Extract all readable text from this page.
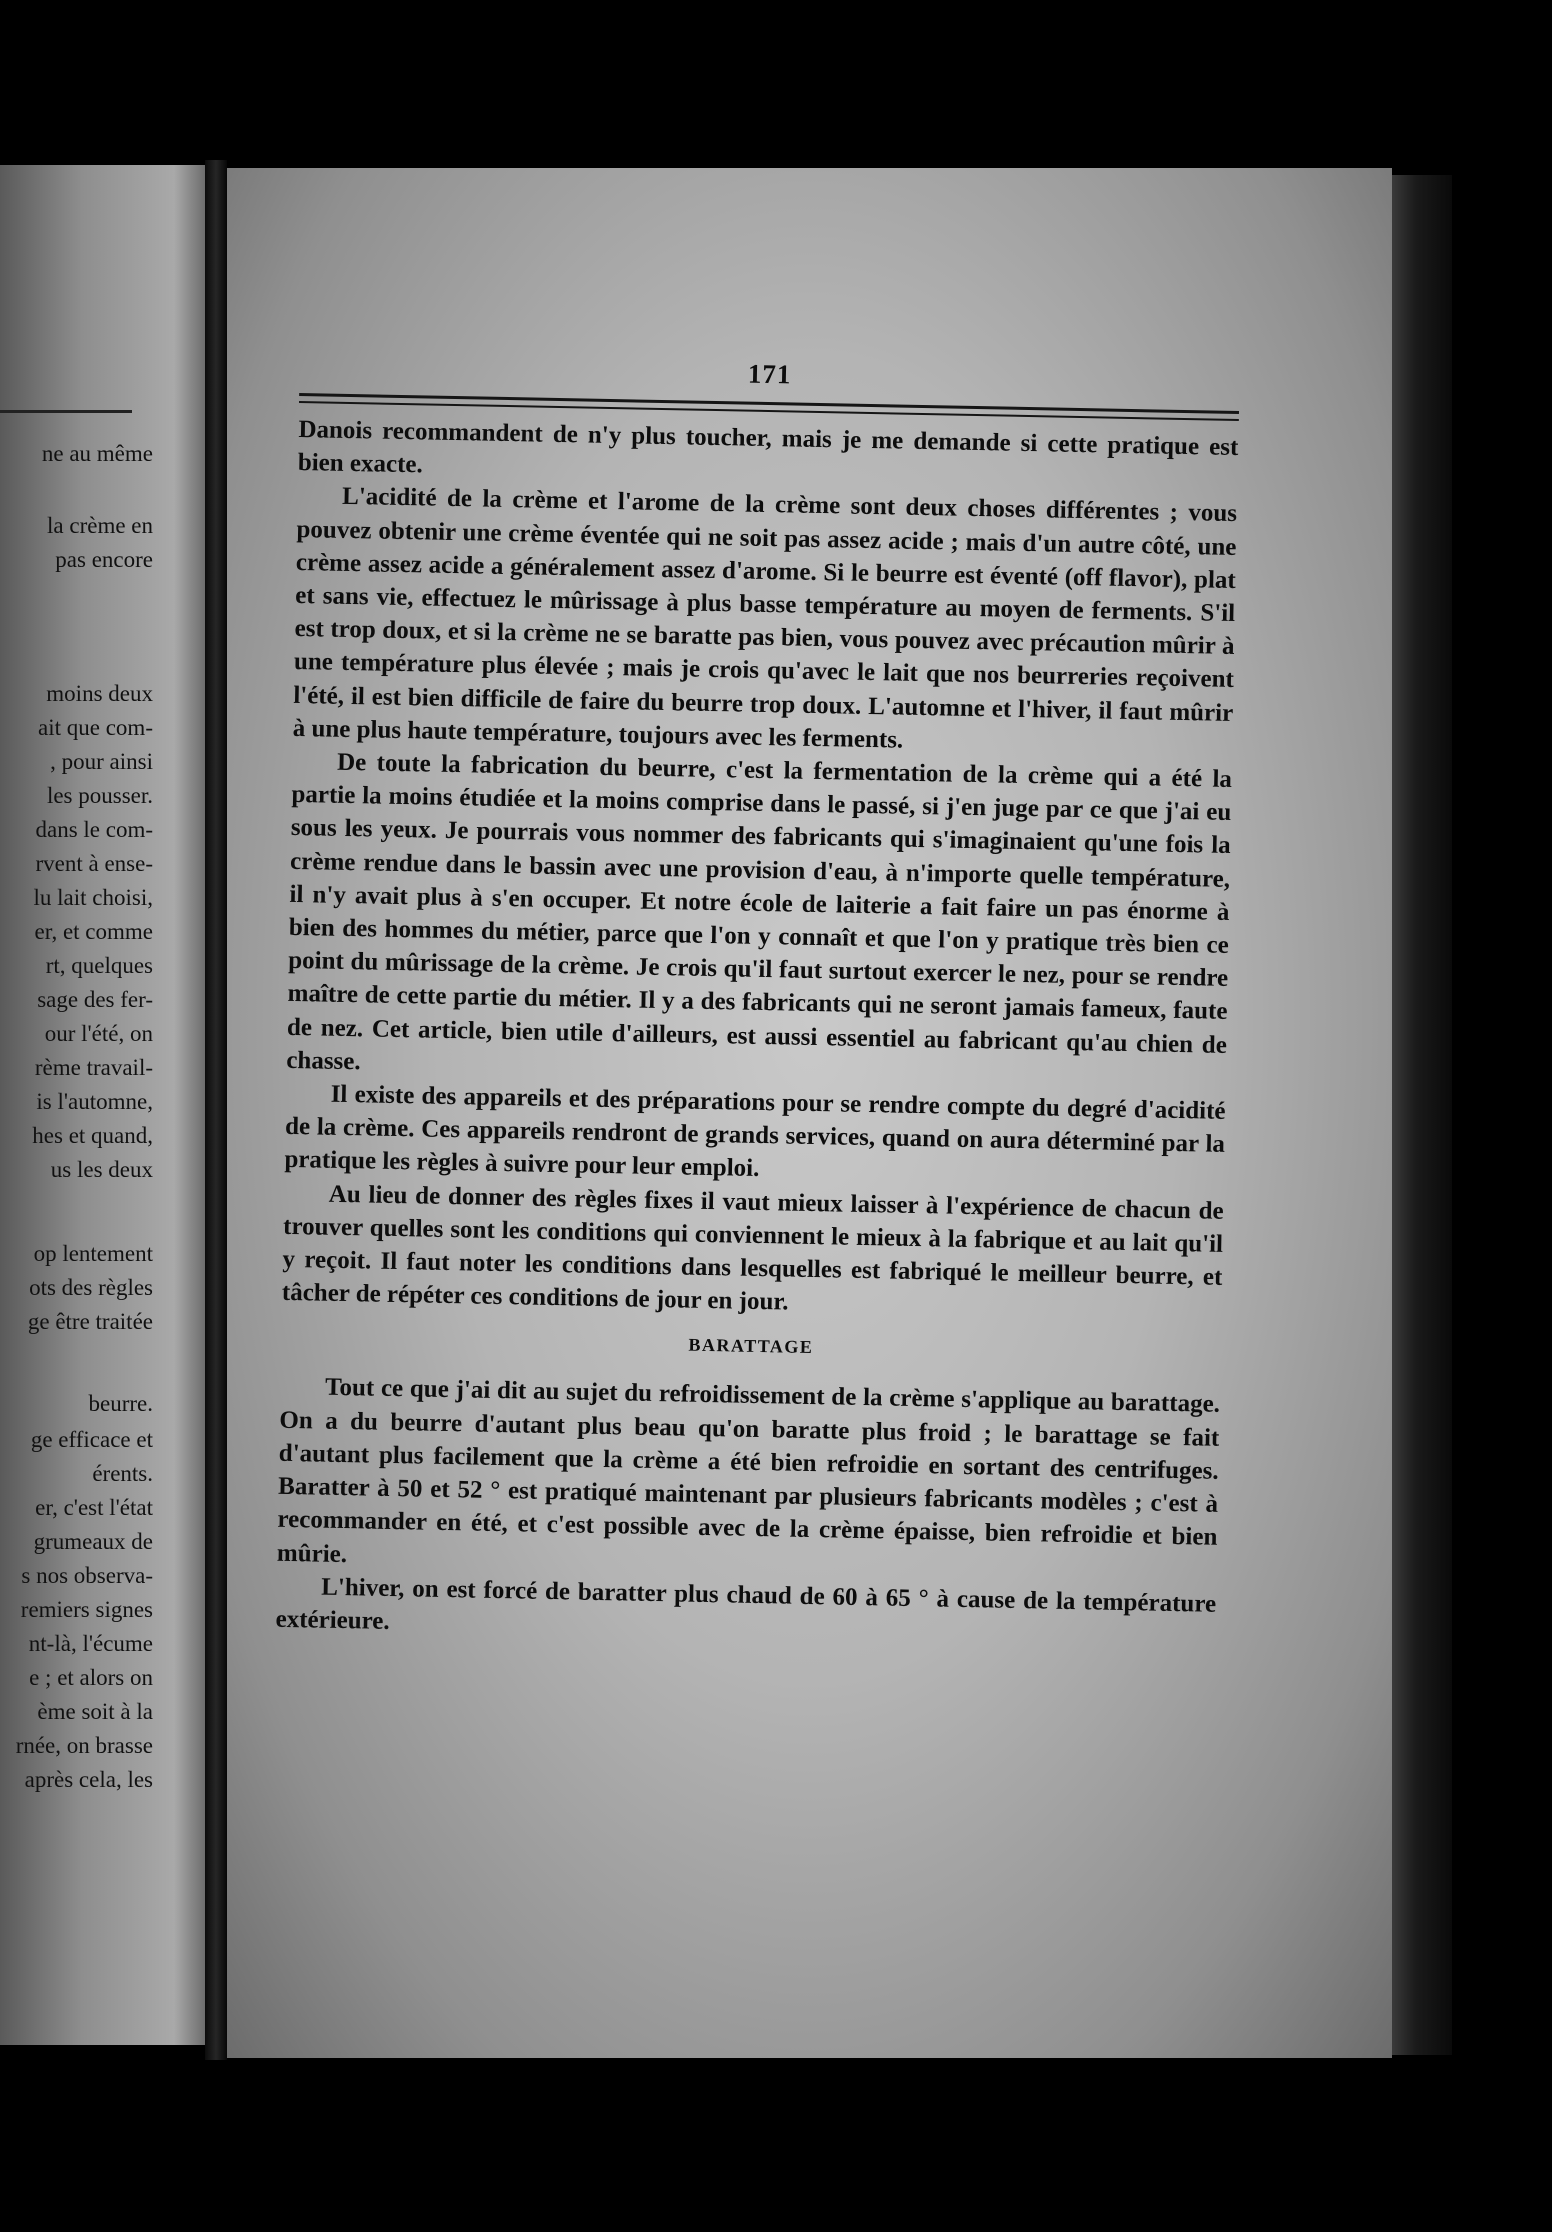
ne au même
la crème en
pas encore
moins deux
ait que com-
, pour ainsi
les pousser.
dans le com-
rvent à ense-
lu lait choisi,
er, et comme
rt, quelques
sage des fer-
our l'été, on
rème travail-
is l'automne,
hes et quand,
us les deux
op lentement
ots des règles
ge être traitée
beurre.
ge efficace et
érents.
er, c'est l'état
grumeaux de
s nos observa-
remiers signes
nt-là, l'écume
e ; et alors on
ème soit à la
rnée, on brasse
après cela, les
171

Danois recommandent de n'y plus toucher, mais je me demande si cette pratique est bien exacte.

L'acidité de la crème et l'arome de la crème sont deux choses différentes ; vous pouvez obtenir une crème éventée qui ne soit pas assez acide ; mais d'un autre côté, une crème assez acide a généralement assez d'arome. Si le beurre est éventé (off flavor), plat et sans vie, effectuez le mûrissage à plus basse température au moyen de ferments. S'il est trop doux, et si la crème ne se baratte pas bien, vous pouvez avec précaution mûrir à une température plus élevée ; mais je crois qu'avec le lait que nos beurreries reçoivent l'été, il est bien difficile de faire du beurre trop doux. L'automne et l'hiver, il faut mûrir à une plus haute température, toujours avec les ferments.

De toute la fabrication du beurre, c'est la fermentation de la crème qui a été la partie la moins étudiée et la moins comprise dans le passé, si j'en juge par ce que j'ai eu sous les yeux. Je pourrais vous nommer des fabricants qui s'imaginaient qu'une fois la crème rendue dans le bassin avec une provision d'eau, à n'importe quelle température, il n'y avait plus à s'en occuper. Et notre école de laiterie a fait faire un pas énorme à bien des hommes du métier, parce que l'on y connaît et que l'on y pratique très bien ce point du mûrissage de la crème. Je crois qu'il faut surtout exercer le nez, pour se rendre maître de cette partie du métier. Il y a des fabricants qui ne seront jamais fameux, faute de nez. Cet article, bien utile d'ailleurs, est aussi essentiel au fabricant qu'au chien de chasse.

Il existe des appareils et des préparations pour se rendre compte du degré d'acidité de la crème. Ces appareils rendront de grands services, quand on aura déterminé par la pratique les règles à suivre pour leur emploi.

Au lieu de donner des règles fixes il vaut mieux laisser à l'expérience de chacun de trouver quelles sont les conditions qui conviennent le mieux à la fabrique et au lait qu'il y reçoit. Il faut noter les conditions dans lesquelles est fabriqué le meilleur beurre, et tâcher de répéter ces conditions de jour en jour.

BARATTAGE

Tout ce que j'ai dit au sujet du refroidissement de la crème s'applique au barattage. On a du beurre d'autant plus beau qu'on baratte plus froid ; le barattage se fait d'autant plus facilement que la crème a été bien refroidie en sortant des centrifuges. Baratter à 50 et 52 ° est pratiqué maintenant par plusieurs fabricants modèles ; c'est à recommander en été, et c'est possible avec de la crème épaisse, bien refroidie et bien mûrie.

L'hiver, on est forcé de baratter plus chaud de 60 à 65 ° à cause de la température extérieure.
